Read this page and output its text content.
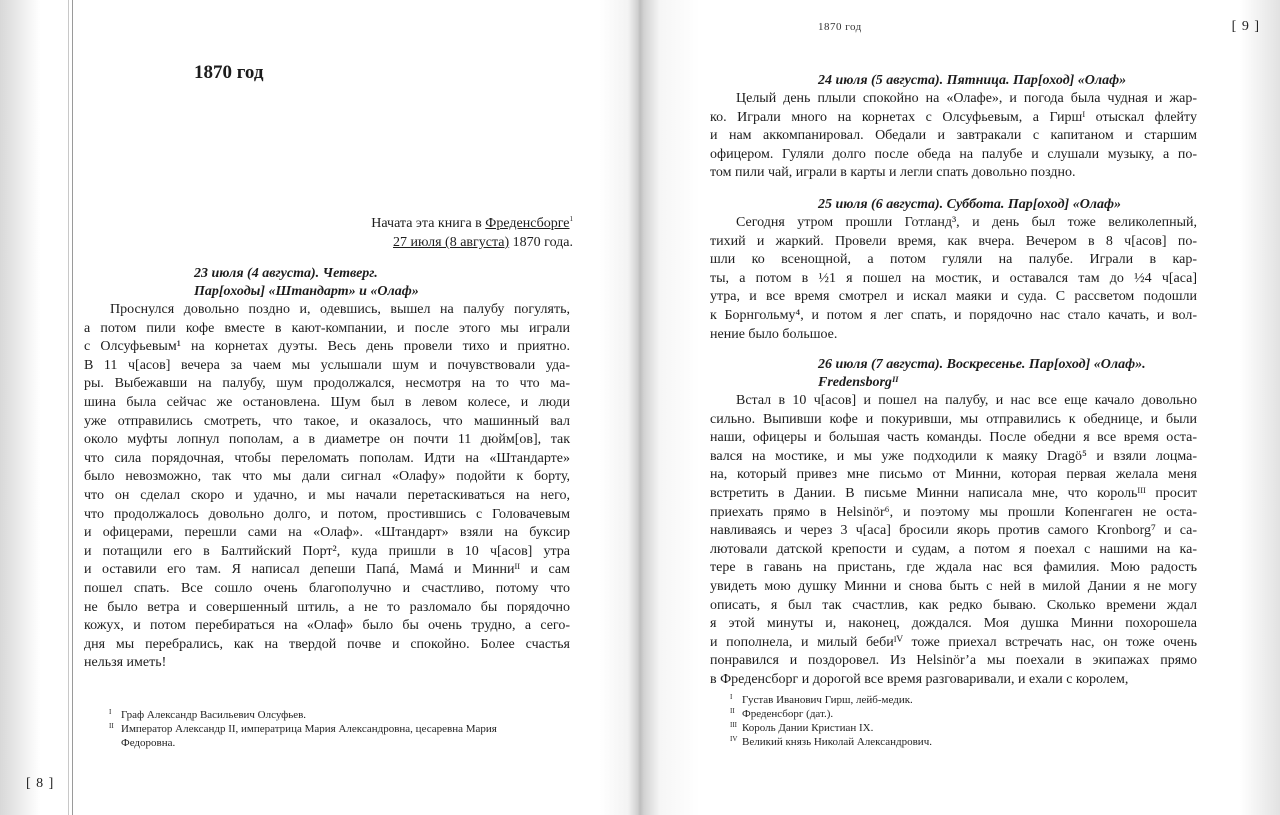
[ 8 ]
1870 год
Начата эта книга в Фреденсборге$^1$
27 июля (8 августа) 1870 года.
23 июля (4 августа). Четверг.
Пар[оходы] «Штандарт» и «Олаф»
Проснулся довольно поздно и, одевшись, вышел на палубу погулять,
а потом пили кофе вместе в кают-компании, и после этого мы играли
с Олсуфьевым¹ на корнетах дуэты. Весь день провели тихо и приятно.
В 11 ч[асов] вечера за чаем мы услышали шум и почувствовали уда-
ры. Выбежавши на палубу, шум продолжался, несмотря на то что ма-
шина была сейчас же остановлена. Шум был в левом колесе, и люди
уже отправились смотреть, что такое, и оказалось, что машинный вал
около муфты лопнул пополам, а в диаметре он почти 11 дюйм[ов], так
что сила порядочная, чтобы переломать пополам. Идти на «Штандарте»
было невозможно, так что мы дали сигнал «Олафу» подойти к борту,
что он сделал скоро и удачно, и мы начали перетаскиваться на него,
что продолжалось довольно долго, и потом, простившись с Головачевым
и офицерами, перешли сами на «Олаф». «Штандарт» взяли на буксир
и потащили его в Балтийский Порт², куда пришли в 10 ч[асов] утра
и оставили его там. Я написал депеши Папá, Мамá и Минниᴵᴵ и сам
пошел спать. Все сошло очень благополучно и счастливо, потому что
не было ветра и совершенный штиль, а не то разломало бы порядочно
кожух, и потом перебираться на «Олаф» было бы очень трудно, а сего-
дня мы перебрались, как на твердой почве и спокойно. Более счастья
нельзя иметь!
I Граф Александр Васильевич Олсуфьев.
II Император Александр II, императрица Мария Александровна, цесаревна Мария Федоровна.
1870 год	[ 9 ]
24 июля (5 августа). Пятница. Пар[оход] «Олаф»
Целый день плыли спокойно на «Олафе», и погода была чудная и жар-
ко. Играли много на корнетах с Олсуфьевым, а Гиршᴵ отыскал флейту
и нам аккомпанировал. Обедали и завтракали с капитаном и старшим
офицером. Гуляли долго после обеда на палубе и слушали музыку, а по-
том пили чай, играли в карты и легли спать довольно поздно.
25 июля (6 августа). Суббота. Пар[оход] «Олаф»
Сегодня утром прошли Готланд³, и день был тоже великолепный,
тихий и жаркий. Провели время, как вчера. Вечером в 8 ч[асов] по-
шли ко всенощной, а потом гуляли на палубе. Играли в кар-
ты, а потом в ½1 я пошел на мостик, и оставался там до ½4 ч[аса]
утра, и все время смотрел и искал маяки и суда. С рассветом подошли
к Борнгольму⁴, и потом я лег спать, и порядочно нас стало качать, и вол-
нение было большое.
26 июля (7 августа). Воскресенье. Пар[оход] «Олаф».
Fredensborgᴵᴵ
Встал в 10 ч[асов] и пошел на палубу, и нас все еще качало довольно
сильно. Выпивши кофе и покуривши, мы отправились к обеднице, и были
наши, офицеры и большая часть команды. После обедни я все время оста-
вался на мостике, и мы уже подходили к маяку Dragö⁵ и взяли лоцма-
на, который привез мне письмо от Минни, которая первая желала меня
встретить в Дании. В письме Минни написала мне, что корольᴵᴵᴵ просит
приехать прямо в Helsinör⁶, и поэтому мы прошли Копенгаген не оста-
навливаясь и через 3 ч[аса] бросили якорь против самого Kronborg⁷ и са-
лютовали датской крепости и судам, а потом я поехал с нашими на ка-
тере в гавань на пристань, где ждала нас вся фамилия. Мою радость
увидеть мою душку Минни и снова быть с ней в милой Дании я не могу
описать, я был так счастлив, как редко бываю. Сколько времени ждал
я этой минуты и, наконец, дождался. Моя душка Минни похорошела
и пополнела, и милый бебиᴵⱽ тоже приехал встречать нас, он тоже очень
понравился и поздоровел. Из Helsinör’а мы поехали в экипажах прямо
в Фреденсборг и дорогой все время разговаривали, и ехали с королем,
I Густав Иванович Гирш, лейб-медик.
II Фреденсборг (дат.).
III Король Дании Кристиан IX.
IV Великий князь Николай Александрович.
